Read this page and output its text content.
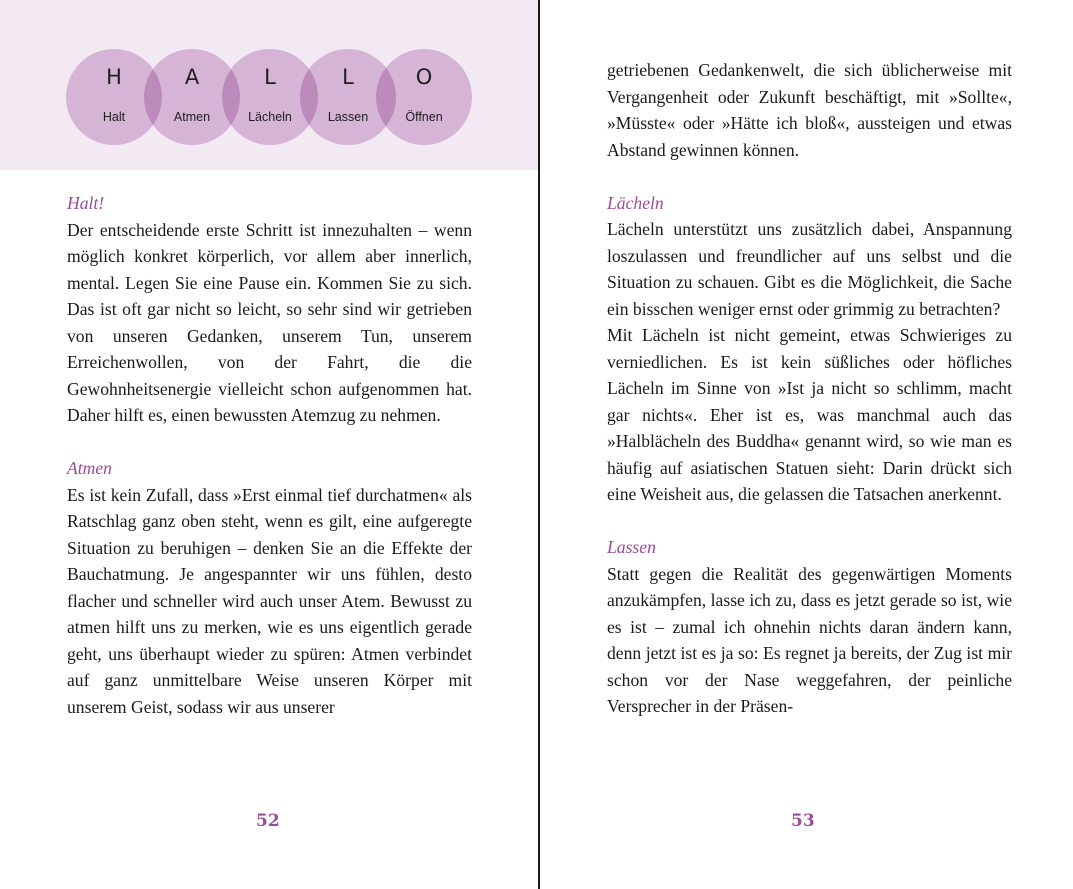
H
Halt
A
Atmen
L
Lächeln
L
Lassen
O
Öffnen

Halt!

Der entscheidende erste Schritt ist innezuhalten – wenn möglich konkret körperlich, vor allem aber innerlich, mental. Legen Sie eine Pause ein. Kommen Sie zu sich. Das ist oft gar nicht so leicht, so sehr sind wir getrieben von unseren Gedanken, unserem Tun, unserem Erreichenwollen, von der Fahrt, die die Gewohnheitsenergie vielleicht schon aufgenommen hat. Daher hilft es, einen bewussten Atemzug zu nehmen.

Atmen

Es ist kein Zufall, dass »Erst einmal tief durchatmen« als Ratschlag ganz oben steht, wenn es gilt, eine aufgeregte Situation zu beruhigen – denken Sie an die Effekte der Bauchatmung. Je angespannter wir uns fühlen, desto flacher und schneller wird auch unser Atem. Bewusst zu atmen hilft uns zu merken, wie es uns eigentlich gerade geht, uns überhaupt wieder zu spüren: Atmen verbindet auf ganz unmittelbare Weise unseren Körper mit unserem Geist, sodass wir aus unserer

52

getriebenen Gedankenwelt, die sich üblicherweise mit Vergangenheit oder Zukunft beschäftigt, mit »Sollte«, »Müsste« oder »Hätte ich bloß«, aussteigen und etwas Abstand gewinnen können.

Lächeln

Lächeln unterstützt uns zusätzlich dabei, Anspannung loszulassen und freundlicher auf uns selbst und die Situation zu schauen. Gibt es die Möglichkeit, die Sache ein bisschen weniger ernst oder grimmig zu betrachten?

Mit Lächeln ist nicht gemeint, etwas Schwieriges zu verniedlichen. Es ist kein süßliches oder höfliches Lächeln im Sinne von »Ist ja nicht so schlimm, macht gar nichts«. Eher ist es, was manchmal auch das »Halblächeln des Buddha« genannt wird, so wie man es häufig auf asiatischen Statuen sieht: Darin drückt sich eine Weisheit aus, die gelassen die Tatsachen anerkennt.

Lassen

Statt gegen die Realität des gegenwärtigen Moments anzukämpfen, lasse ich zu, dass es jetzt gerade so ist, wie es ist – zumal ich ohnehin nichts daran ändern kann, denn jetzt ist es ja so: Es regnet ja bereits, der Zug ist mir schon vor der Nase weggefahren, der peinliche Versprecher in der Präsen-

53
